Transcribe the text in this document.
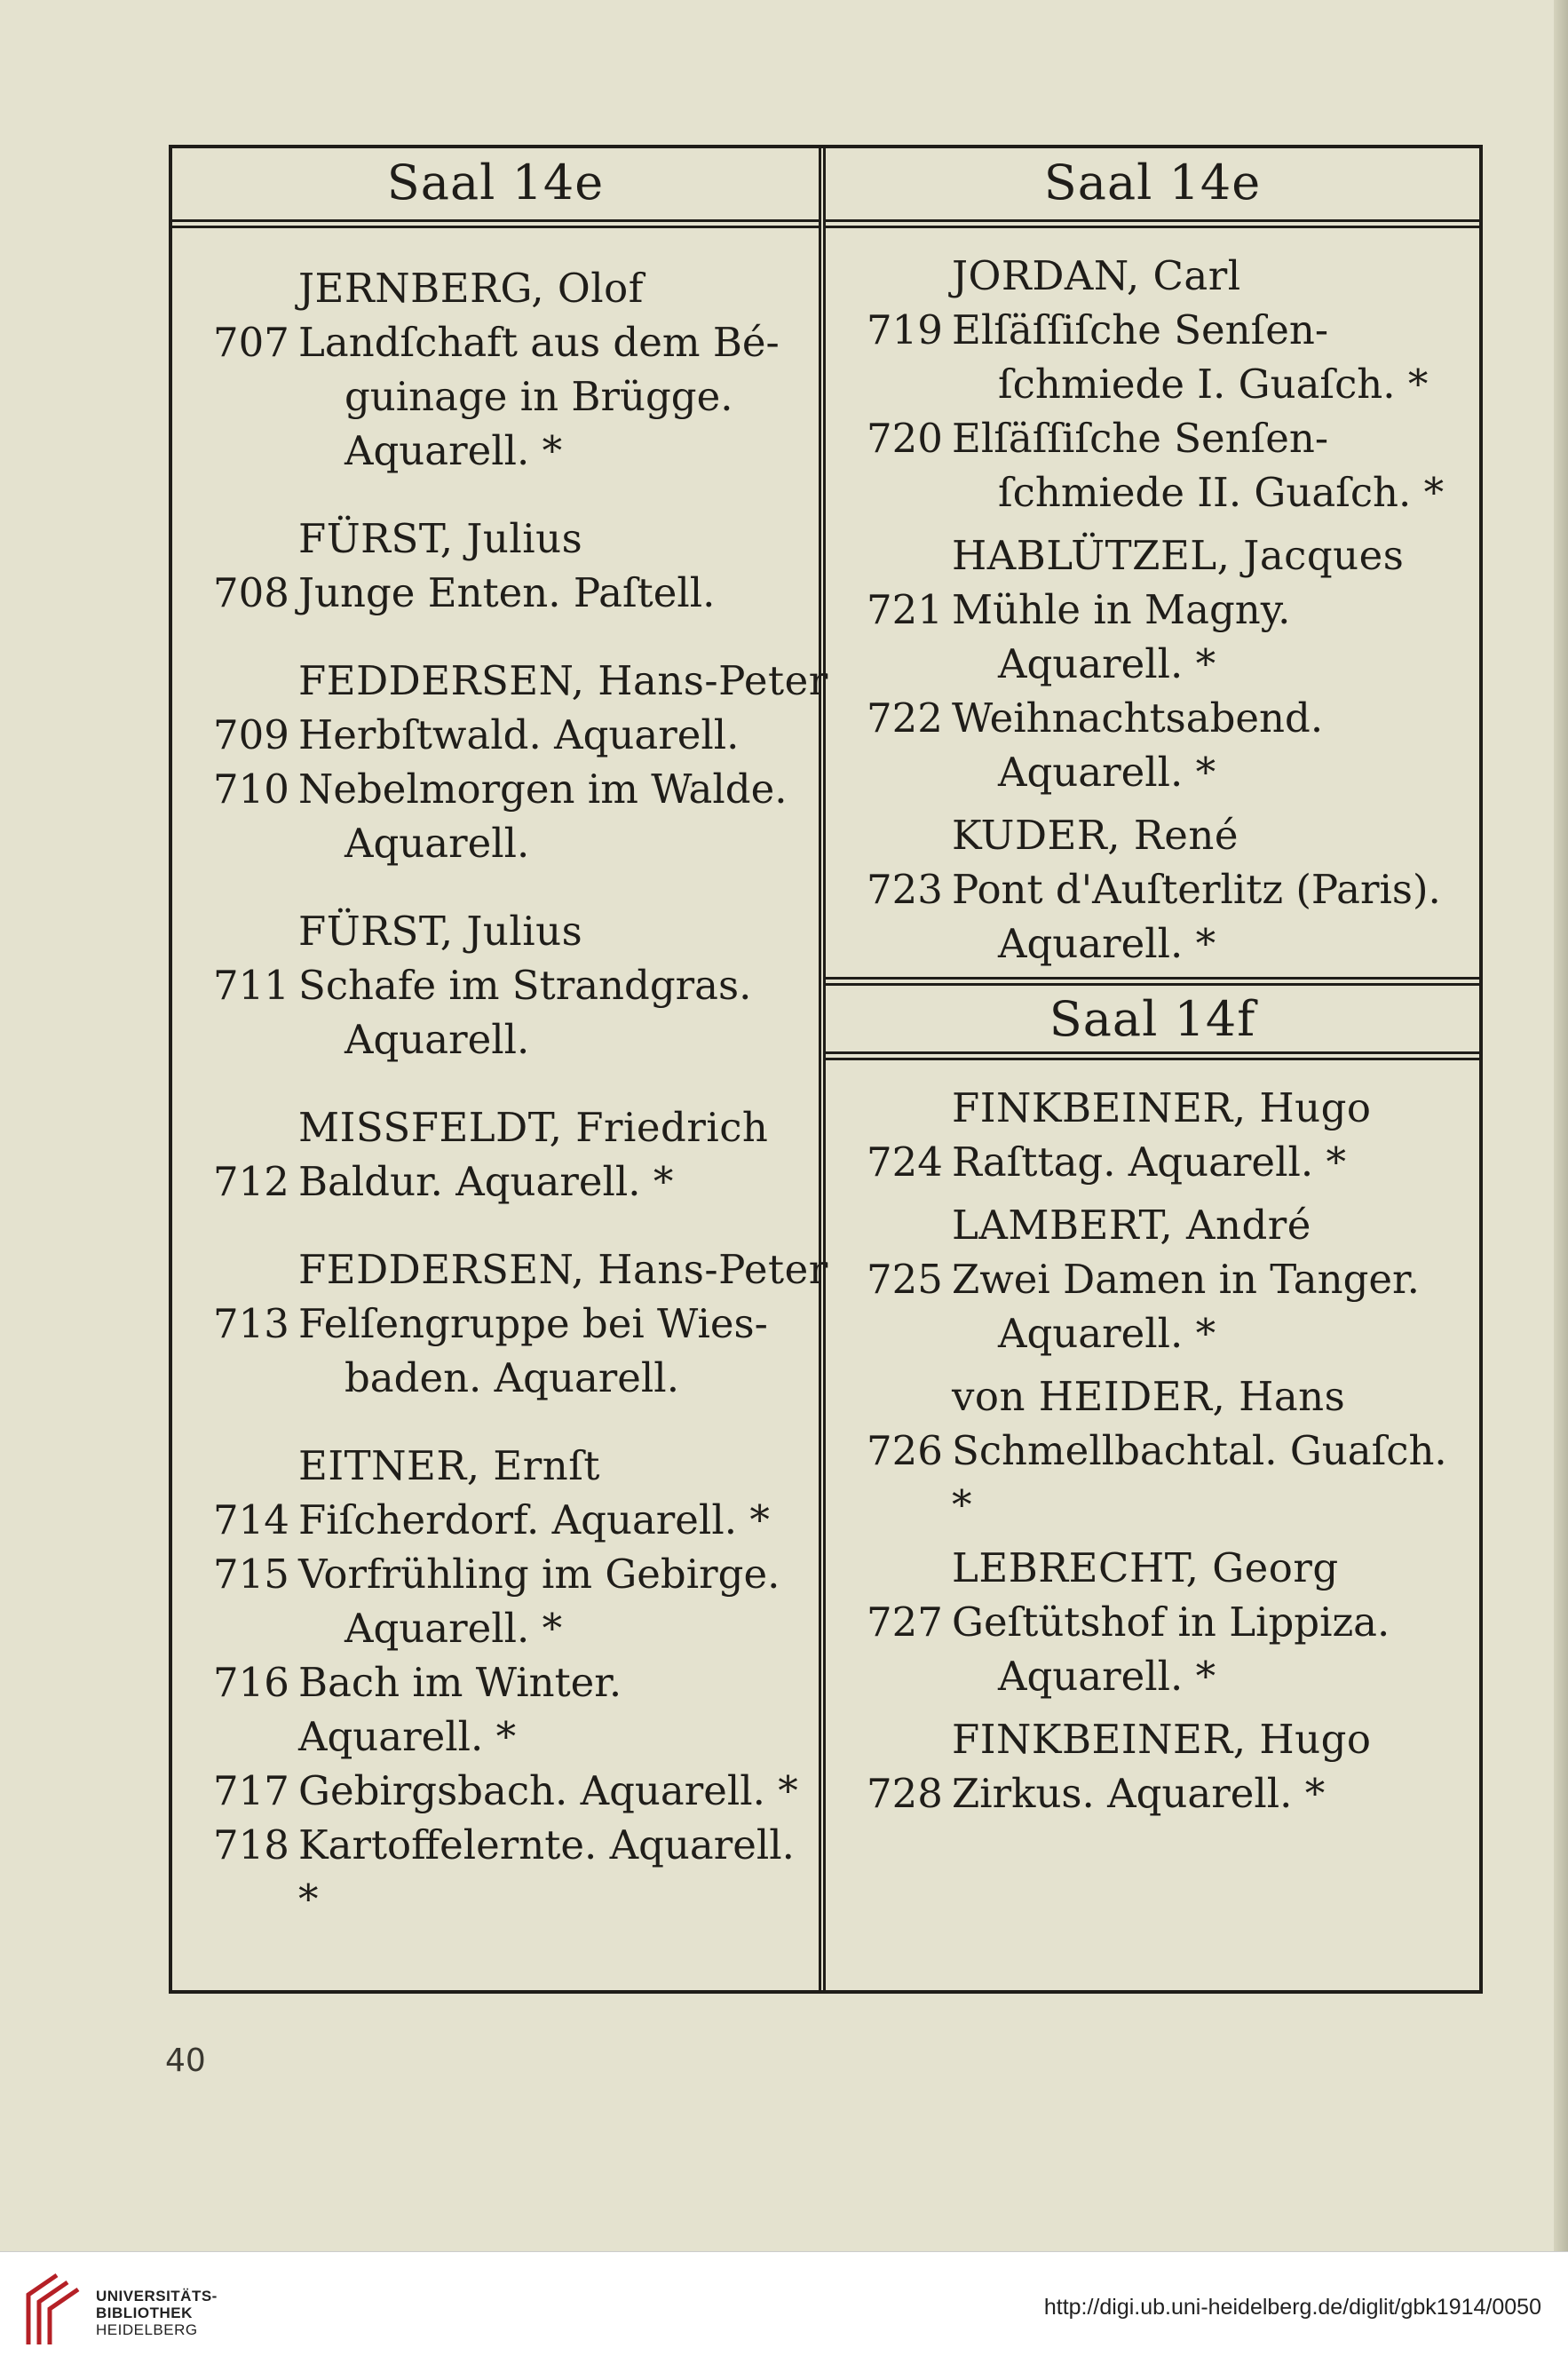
Saal 14e
JERNBERG, Olof
707 Landſchaft aus dem Bé-
guinage in Brügge.
Aquarell. *
FÜRST, Julius
708 Junge Enten. Paſtell.
FEDDERSEN, Hans-Peter
709 Herbſtwald. Aquarell.
710 Nebelmorgen im Walde.
Aquarell.
FÜRST, Julius
711 Schafe im Strandgras.
Aquarell.
MISSFELDT, Friedrich
712 Baldur. Aquarell. *
FEDDERSEN, Hans-Peter
713 Felſengruppe bei Wies-
baden. Aquarell.
EITNER, Ernſt
714 Fiſcherdorf. Aquarell. *
715 Vorfrühling im Gebirge.
Aquarell. *
716 Bach im Winter. Aquarell. *
717 Gebirgsbach. Aquarell. *
718 Kartoffelernte. Aquarell. *
Saal 14e
JORDAN, Carl
719 Elſäſſiſche Senſen-
ſchmiede I. Guaſch. *
720 Elſäſſiſche Senſen-
ſchmiede II. Guaſch. *
HABLÜTZEL, Jacques
721 Mühle in Magny.
Aquarell. *
722 Weihnachtsabend.
Aquarell. *
KUDER, René
723 Pont d'Auſterlitz (Paris).
Aquarell. *
Saal 14f
FINKBEINER, Hugo
724 Raſttag. Aquarell. *
LAMBERT, André
725 Zwei Damen in Tanger.
Aquarell. *
von HEIDER, Hans
726 Schmellbachtal. Guaſch. *
LEBRECHT, Georg
727 Geſtütshof in Lippiza.
Aquarell. *
FINKBEINER, Hugo
728 Zirkus. Aquarell. *
40
UNIVERSITÄTS-
BIBLIOTHEK
HEIDELBERG
http://digi.ub.uni-heidelberg.de/diglit/gbk1914/0050
